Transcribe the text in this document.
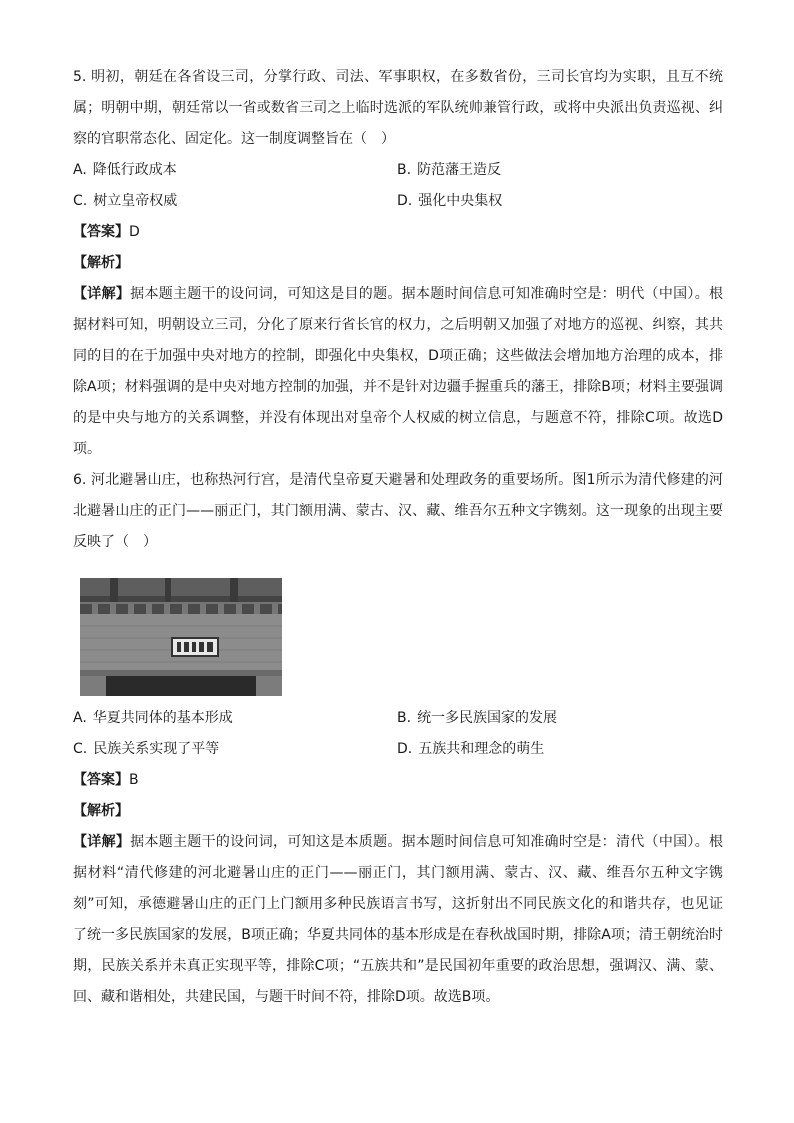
5. 明初，朝廷在各省设三司，分掌行政、司法、军事职权，在多数省份，三司长官均为实职，且互不统属；明朝中期，朝廷常以一省或数省三司之上临时选派的军队统帅兼管行政，或将中央派出负责巡视、纠察的官职常态化、固定化。这一制度调整旨在（　）

A. 降低行政成本	B. 防范藩王造反
C. 树立皇帝权威	D. 强化中央集权

【答案】D

【解析】

【详解】据本题主题干的设问词，可知这是目的题。据本题时间信息可知准确时空是：明代（中国）。根据材料可知，明朝设立三司，分化了原来行省长官的权力，之后明朝又加强了对地方的巡视、纠察，其共同的目的在于加强中央对地方的控制，即强化中央集权，D项正确；这些做法会增加地方治理的成本，排除A项；材料强调的是中央对地方控制的加强，并不是针对边疆手握重兵的藩王，排除B项；材料主要强调的是中央与地方的关系调整，并没有体现出对皇帝个人权威的树立信息，与题意不符，排除C项。故选D项。

6. 河北避暑山庄，也称热河行宫，是清代皇帝夏天避暑和处理政务的重要场所。图1所示为清代修建的河北避暑山庄的正门——丽正门，其门额用满、蒙古、汉、藏、维吾尔五种文字镌刻。这一现象的出现主要反映了（　）

A. 华夏共同体的基本形成	B. 统一多民族国家的发展
C. 民族关系实现了平等	D. 五族共和理念的萌生

【答案】B

【解析】

【详解】据本题主题干的设问词，可知这是本质题。据本题时间信息可知准确时空是：清代（中国）。根据材料“清代修建的河北避暑山庄的正门——丽正门，其门额用满、蒙古、汉、藏、维吾尔五种文字镌刻”可知，承德避暑山庄的正门上门额用多种民族语言书写，这折射出不同民族文化的和谐共存，也见证了统一多民族国家的发展，B项正确；华夏共同体的基本形成是在春秋战国时期，排除A项；清王朝统治时期，民族关系并未真正实现平等，排除C项；“五族共和”是民国初年重要的政治思想，强调汉、满、蒙、回、藏和谐相处，共建民国，与题干时间不符，排除D项。故选B项。
